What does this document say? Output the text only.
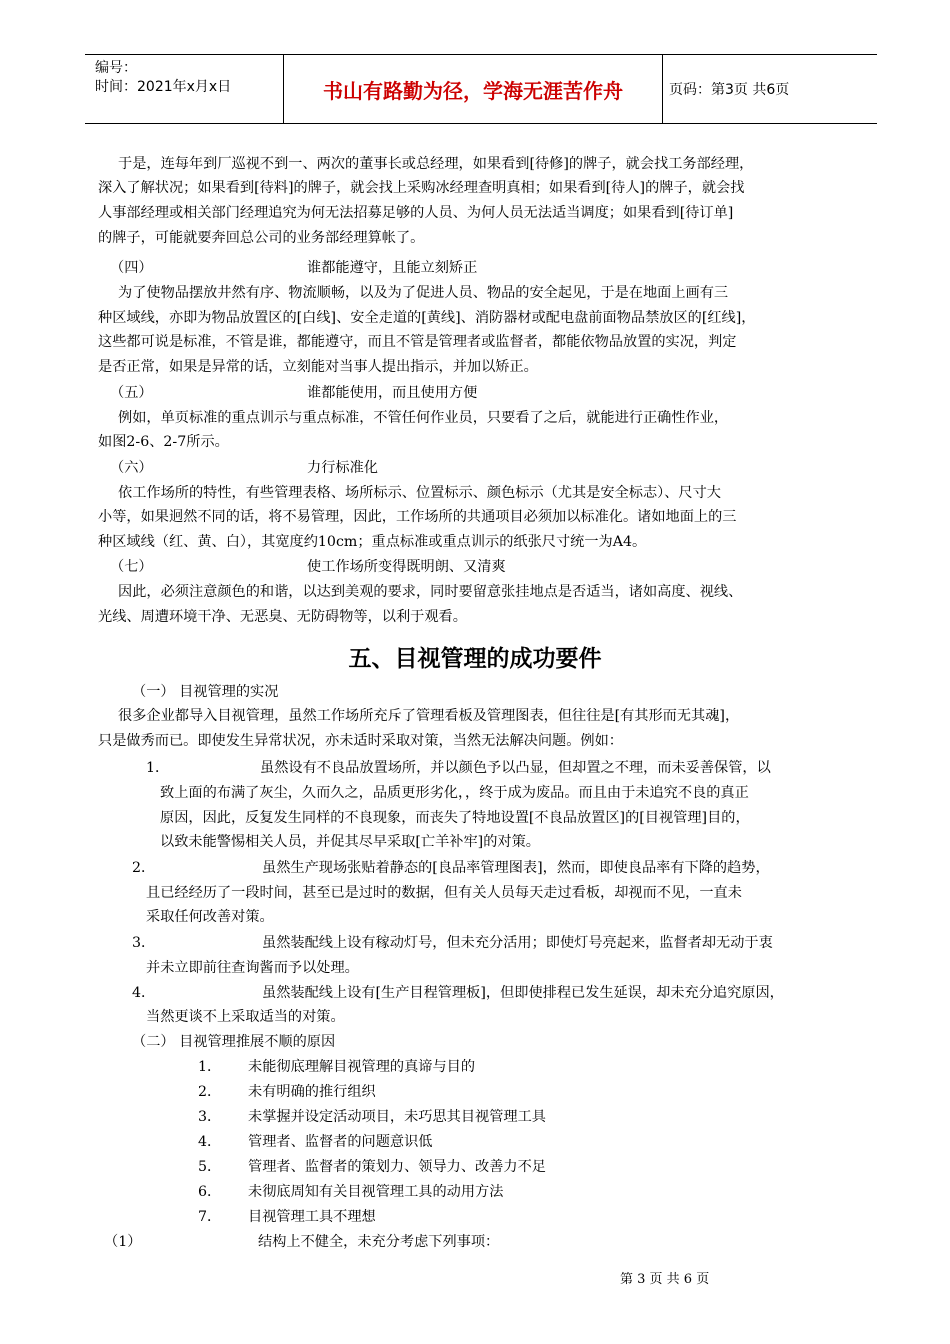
编号：
时间：2021年x月x日	书山有路勤为径，学海无涯苦作舟	页码：第3页 共6页
于是，连每年到厂巡视不到一、两次的董事长或总经理，如果看到[待修]的牌子，就会找工务部经理，
深入了解状况；如果看到[待料]的牌子，就会找上采购冰经理查明真相；如果看到[待人]的牌子，就会找
人事部经理或相关部门经理追究为何无法招募足够的人员、为何人员无法适当调度；如果看到[待订单]
的牌子，可能就要奔回总公司的业务部经理算帐了。
（四）	谁都能遵守，且能立刻矫正
为了使物品摆放井然有序、物流顺畅，以及为了促进人员、物品的安全起见，于是在地面上画有三
种区域线，亦即为物品放置区的[白线]、安全走道的[黄线]、消防器材或配电盘前面物品禁放区的[红线]，
这些都可说是标准，不管是谁，都能遵守，而且不管是管理者或监督者，都能依物品放置的实况，判定
是否正常，如果是异常的话，立刻能对当事人提出指示，并加以矫正。
（五）	谁都能使用，而且使用方便
例如，单页标准的重点训示与重点标准，不管任何作业员，只要看了之后，就能进行正确性作业，
如图2-6、2-7所示。
（六）	力行标准化
依工作场所的特性，有些管理表格、场所标示、位置标示、颜色标示（尤其是安全标志）、尺寸大
小等，如果迥然不同的话，将不易管理，因此，工作场所的共通项目必须加以标准化。诸如地面上的三
种区域线（红、黄、白），其宽度约10cm；重点标准或重点训示的纸张尺寸统一为A4。
（七）	使工作场所变得既明朗、又清爽
因此，必须注意颜色的和谐，以达到美观的要求，同时要留意张挂地点是否适当，诸如高度、视线、
光线、周遭环境干净、无恶臭、无防碍物等，以利于观看。
五、目视管理的成功要件
（一） 目视管理的实况
很多企业都导入目视管理，虽然工作场所充斥了管理看板及管理图表，但往往是[有其形而无其魂]，
只是做秀而已。即使发生异常状况，亦未适时采取对策，当然无法解决问题。例如：
1．	虽然设有不良品放置场所，并以颜色予以凸显，但却置之不理，而未妥善保管，以
致上面的布满了灰尘，久而久之，品质更形劣化，，终于成为废品。而且由于未追究不良的真正
原因，因此，反复发生同样的不良现象，而丧失了特地设置[不良品放置区]的[目视管理]目的，
以致未能警惕相关人员，并促其尽早采取[亡羊补牢]的对策。
2．	虽然生产现场张贴着静态的[良品率管理图表]，然而，即使良品率有下降的趋势，
且已经经历了一段时间，甚至已是过时的数据，但有关人员每天走过看板，却视而不见，一直未
采取任何改善对策。
3．	虽然装配线上设有稼动灯号，但未充分活用；即使灯号亮起来，监督者却无动于衷
并未立即前往查询酱而予以处理。
4．	虽然装配线上设有[生产目程管理板]，但即使排程已发生延误，却未充分追究原因，
当然更谈不上采取适当的对策。
（二） 目视管理推展不顺的原因
1． 未能彻底理解目视管理的真谛与目的
2． 未有明确的推行组织
3． 未掌握并设定活动项目，未巧思其目视管理工具
4． 管理者、监督者的问题意识低
5． 管理者、监督者的策划力、领导力、改善力不足
6． 未彻底周知有关目视管理工具的动用方法
7． 目视管理工具不理想
（1）	结构上不健全，未充分考虑下列事项：
第 3 页 共 6 页
